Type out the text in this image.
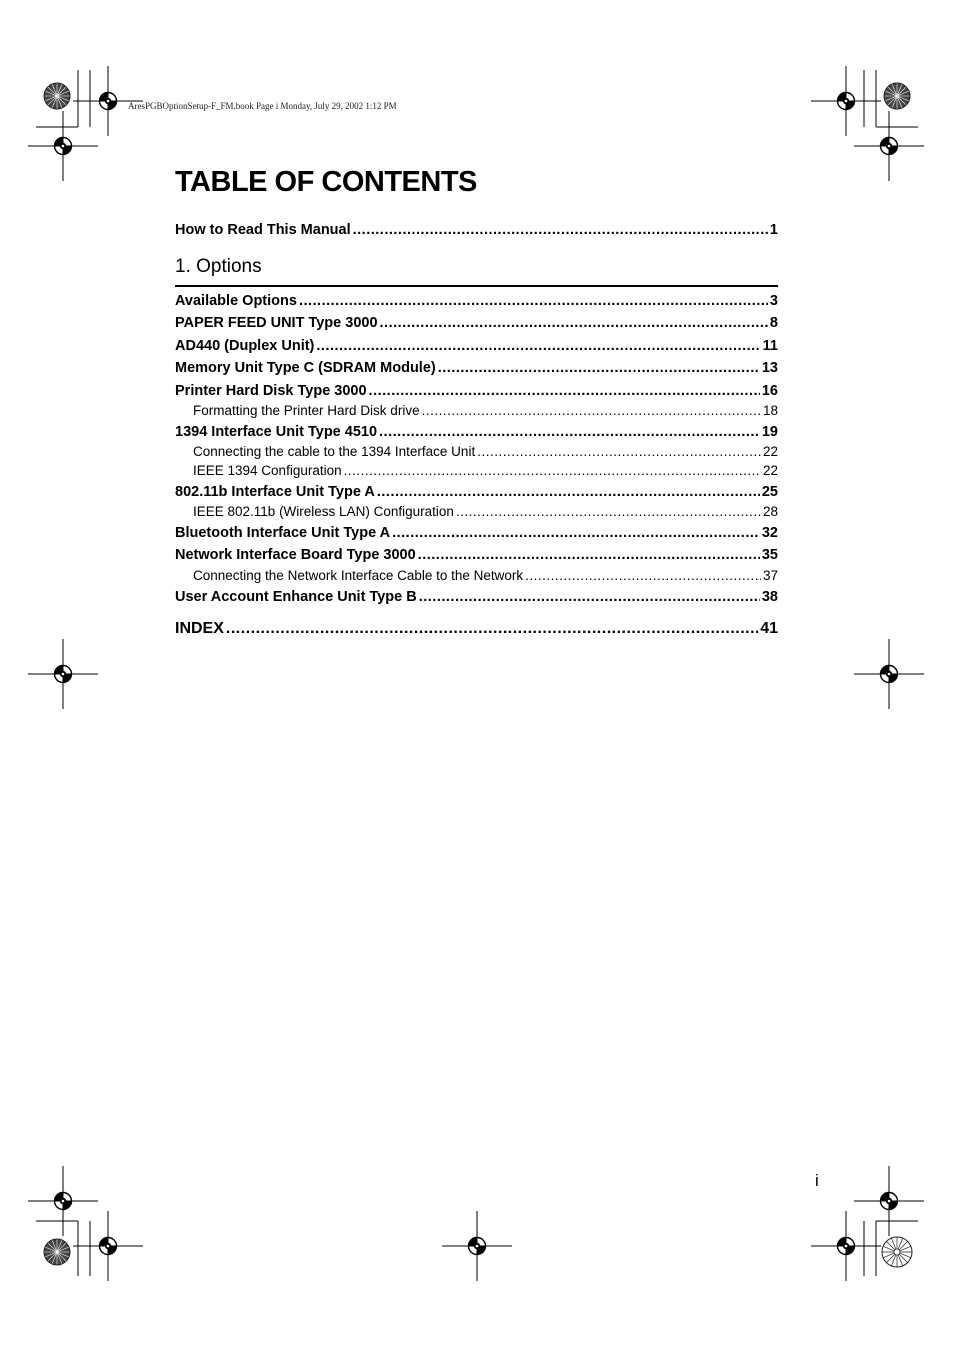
AresPGBOptionSetup-F_FM.book Page i Monday, July 29, 2002 1:12 PM
TABLE OF CONTENTS
How to Read This Manual .....	1
1. Options
Available Options .....	3
PAPER FEED UNIT Type 3000 .....	8
AD440 (Duplex Unit) .....	11
Memory Unit Type C (SDRAM Module) .....	13
Printer Hard Disk Type 3000 .....	16
Formatting the Printer Hard Disk drive .....	18
1394 Interface Unit Type 4510 .....	19
Connecting the cable to the 1394 Interface Unit .....	22
IEEE 1394 Configuration .....	22
802.11b Interface Unit Type A .....	25
IEEE 802.11b (Wireless LAN) Configuration .....	28
Bluetooth Interface Unit Type A .....	32
Network Interface Board Type 3000 .....	35
Connecting the Network Interface Cable to the Network .....	37
User Account Enhance Unit Type B .....	38
INDEX .....	41
i
